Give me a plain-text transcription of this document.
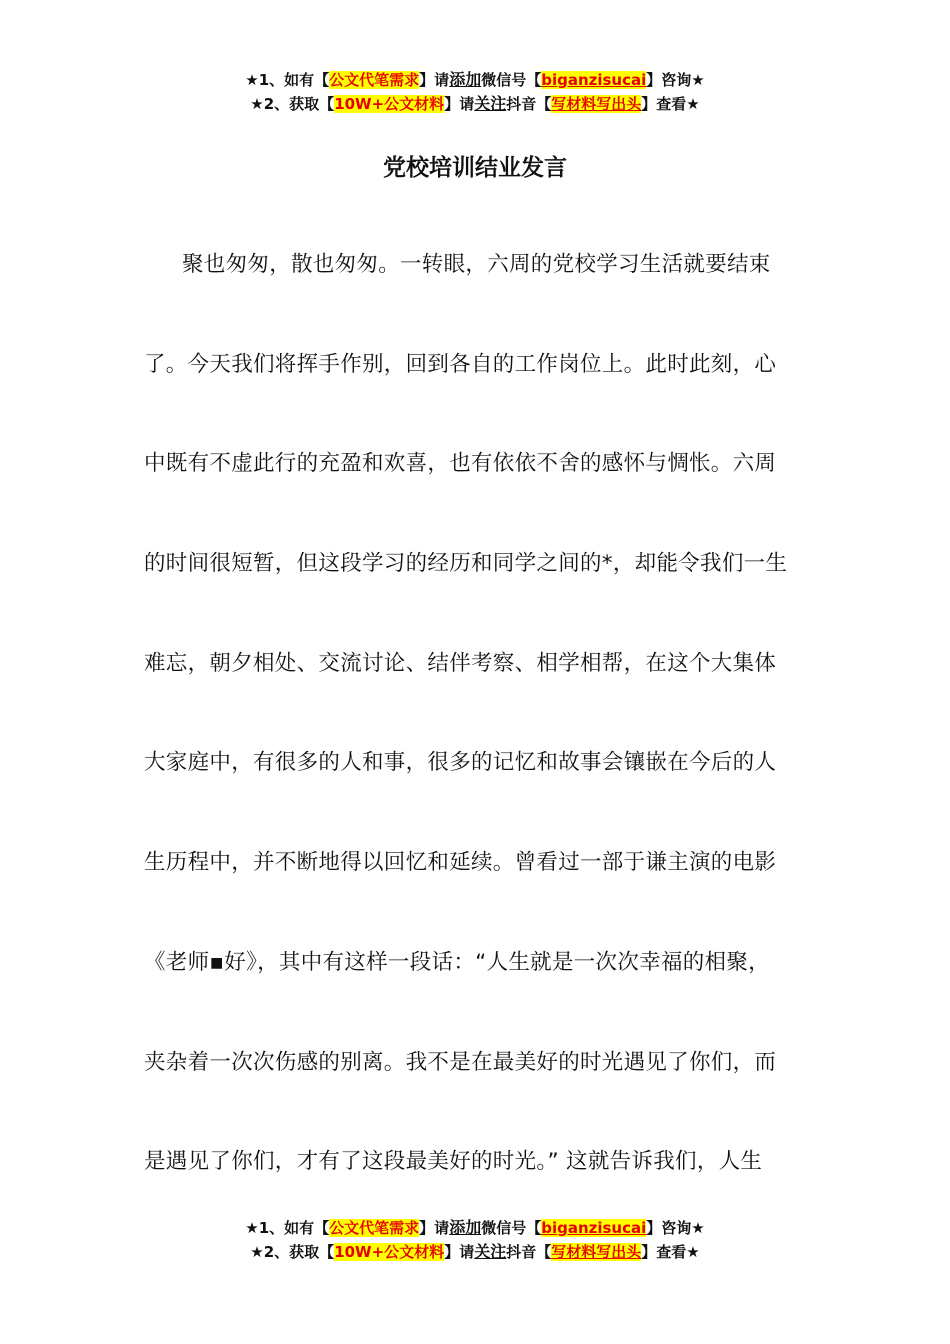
★1、如有【公文代笔需求】请添加微信号【biganzisucai】咨询★
★2、获取【10W+公文材料】请关注抖音【写材料写出头】查看★
党校培训结业发言
聚也匆匆，散也匆匆。一转眼，六周的党校学习生活就要结束
了。今天我们将挥手作别，回到各自的工作岗位上。此时此刻，心
中既有不虚此行的充盈和欢喜，也有依依不舍的感怀与惆怅。六周
的时间很短暂，但这段学习的经历和同学之间的*，却能令我们一生
难忘，朝夕相处、交流讨论、结伴考察、相学相帮，在这个大集体
大家庭中，有很多的人和事，很多的记忆和故事会镶嵌在今后的人
生历程中，并不断地得以回忆和延续。曾看过一部于谦主演的电影
《老师▪好》，其中有这样一段话：“人生就是一次次幸福的相聚，
夹杂着一次次伤感的别离。我不是在最美好的时光遇见了你们，而
是遇见了你们，才有了这段最美好的时光。” 这就告诉我们，人生
★1、如有【公文代笔需求】请添加微信号【biganzisucai】咨询★
★2、获取【10W+公文材料】请关注抖音【写材料写出头】查看★
